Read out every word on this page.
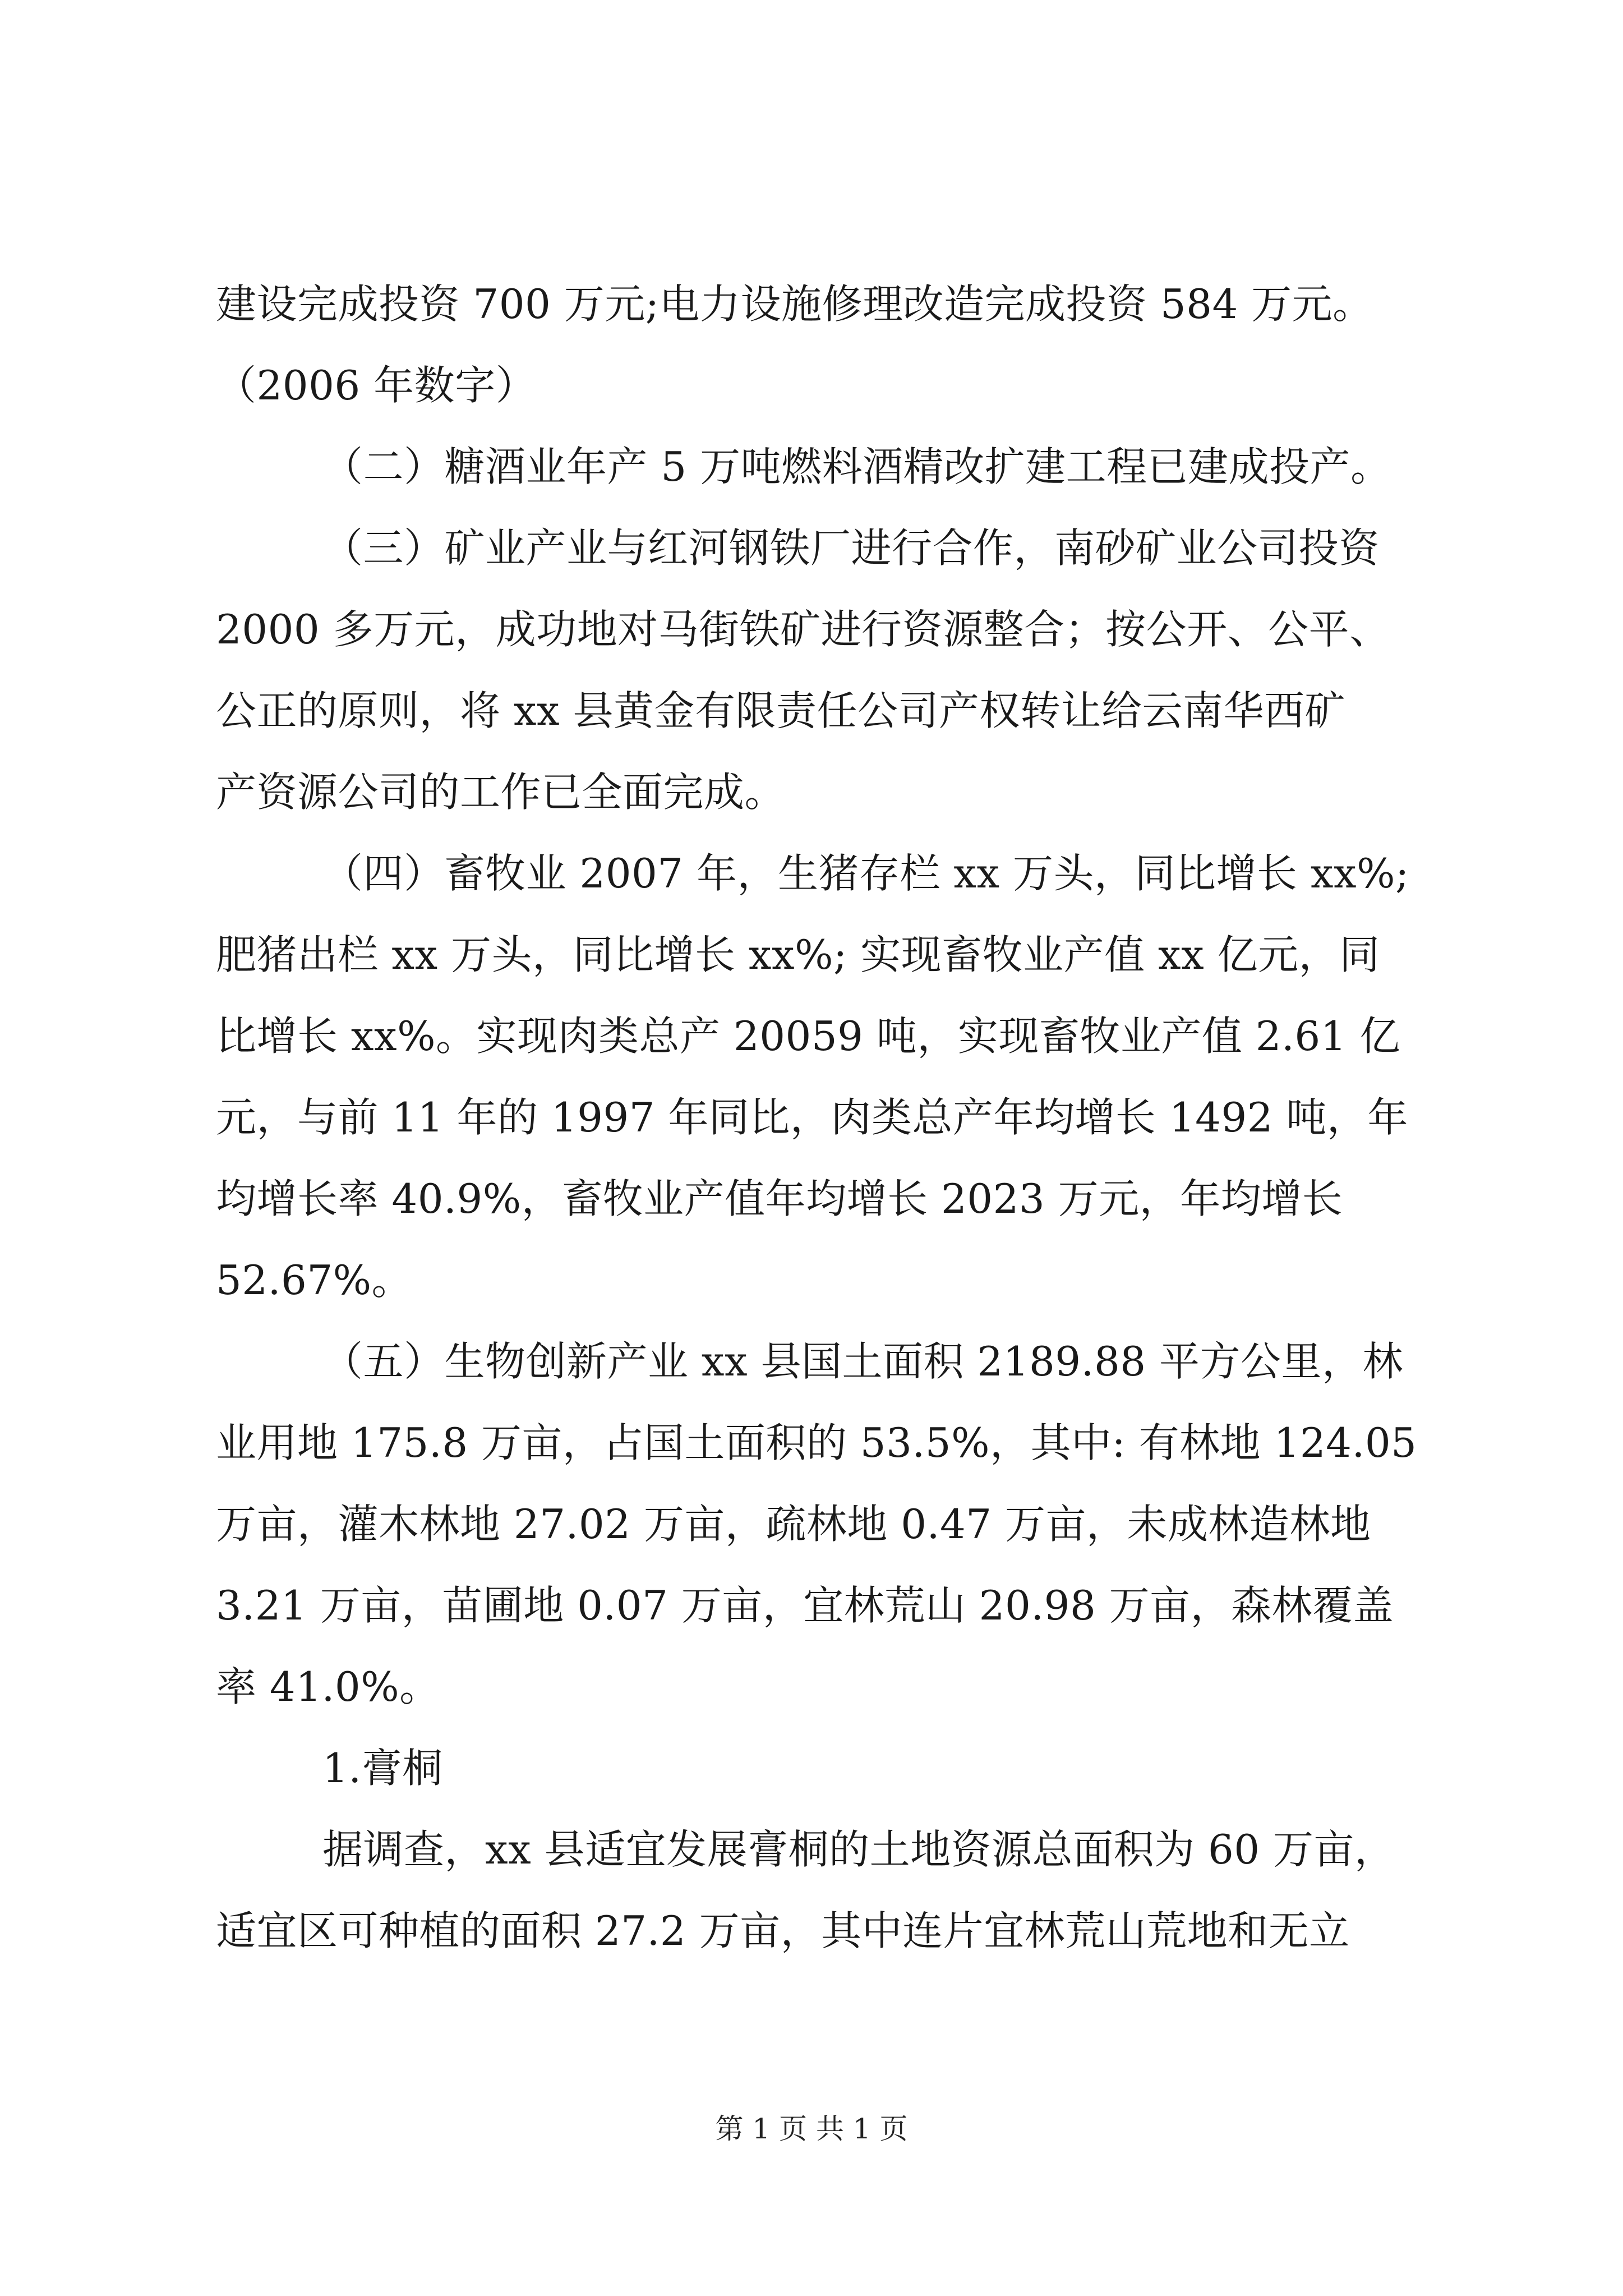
建设完成投资 700 万元;电力设施修理改造完成投资 584 万元。
（2006 年数字）
（二）糖酒业年产 5 万吨燃料酒精改扩建工程已建成投产。
（三）矿业产业与红河钢铁厂进行合作，南砂矿业公司投资
2000 多万元，成功地对马街铁矿进行资源整合；按公开、公平、
公正的原则，将 xx 县黄金有限责任公司产权转让给云南华西矿
产资源公司的工作已全面完成。
（四）畜牧业 2007 年，生猪存栏 xx 万头，同比增长 xx%;
肥猪出栏 xx 万头，同比增长 xx%; 实现畜牧业产值 xx 亿元，同
比增长 xx%。实现肉类总产 20059 吨，实现畜牧业产值 2.61 亿
元，与前 11 年的 1997 年同比，肉类总产年均增长 1492 吨，年
均增长率 40.9%，畜牧业产值年均增长 2023 万元，年均增长
52.67%。
（五）生物创新产业 xx 县国土面积 2189.88 平方公里，林
业用地 175.8 万亩，占国土面积的 53.5%，其中: 有林地 124.05
万亩，灌木林地 27.02 万亩，疏林地 0.47 万亩，未成林造林地
3.21 万亩，苗圃地 0.07 万亩，宜林荒山 20.98 万亩，森林覆盖
率 41.0%。
1.膏桐
据调查，xx 县适宜发展膏桐的土地资源总面积为 60 万亩，
适宜区可种植的面积 27.2 万亩，其中连片宜林荒山荒地和无立
第 1 页 共 1 页
